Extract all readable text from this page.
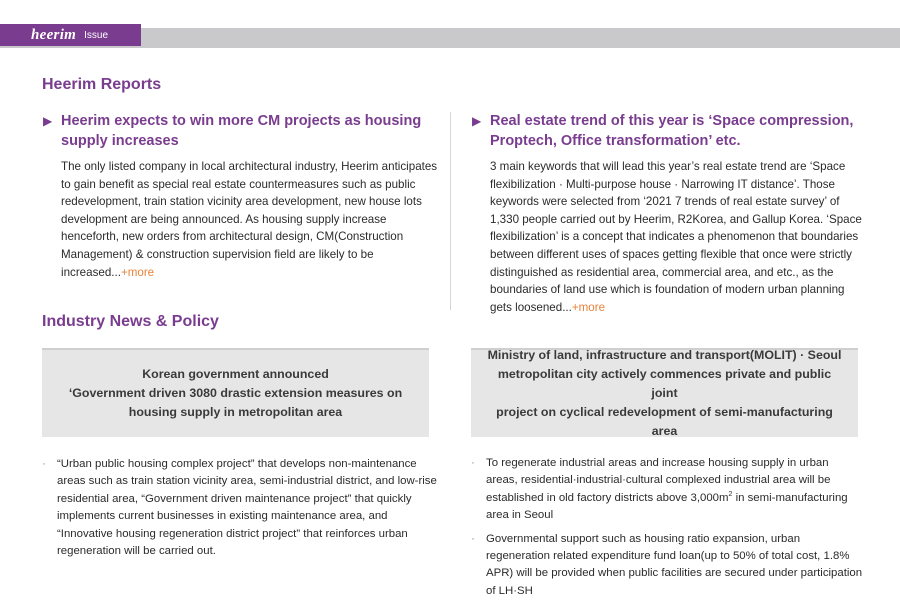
heerim Issue
Heerim Reports
▶ Heerim expects to win more CM projects as housing supply increases

The only listed company in local architectural industry, Heerim anticipates to gain benefit as special real estate countermeasures such as public redevelopment, train station vicinity area development, new house lots development are being announced. As housing supply increase henceforth, new orders from architectural design, CM(Construction Management) & construction supervision field are likely to be increased...+more

▶ Real estate trend of this year is ‘Space compression, Proptech, Office transformation’ etc.

3 main keywords that will lead this year’s real estate trend are ‘Space flexibilization · Multi-purpose house · Narrowing IT distance’. Those keywords were selected from ‘2021 7 trends of real estate survey’ of 1,330 people carried out by Heerim, R2Korea, and Gallup Korea. ‘Space flexibilization’ is a concept that indicates a phenomenon that boundaries between different uses of spaces getting flexible that once were strictly distinguished as residential area, commercial area, and etc., as the boundaries of land use which is foundation of modern urban planning gets loosened...+more

Industry News & Policy
Korean government announced
‘Government driven 3080 drastic extension measures on
housing supply in metropolitan area
Ministry of land, infrastructure and transport(MOLIT) · Seoul
metropolitan city actively commences private and public joint
project on cyclical redevelopment of semi-manufacturing area
· “Urban public housing complex project” that develops non-maintenance areas such as train station vicinity area, semi-industrial district, and low-rise residential area, “Government driven maintenance project” that quickly implements current businesses in existing maintenance area, and “Innovative housing regeneration district project” that reinforces urban regeneration will be carried out.
· To regenerate industrial areas and increase housing supply in urban areas, residential·industrial·cultural complexed industrial area will be established in old factory districts above $3,000m^2$ in semi-manufacturing area in Seoul
· Governmental support such as housing ratio expansion, urban regeneration related expenditure fund loan(up to 50% of total cost, 1.8% APR) will be provided when public facilities are secured under participation of LH·SH
